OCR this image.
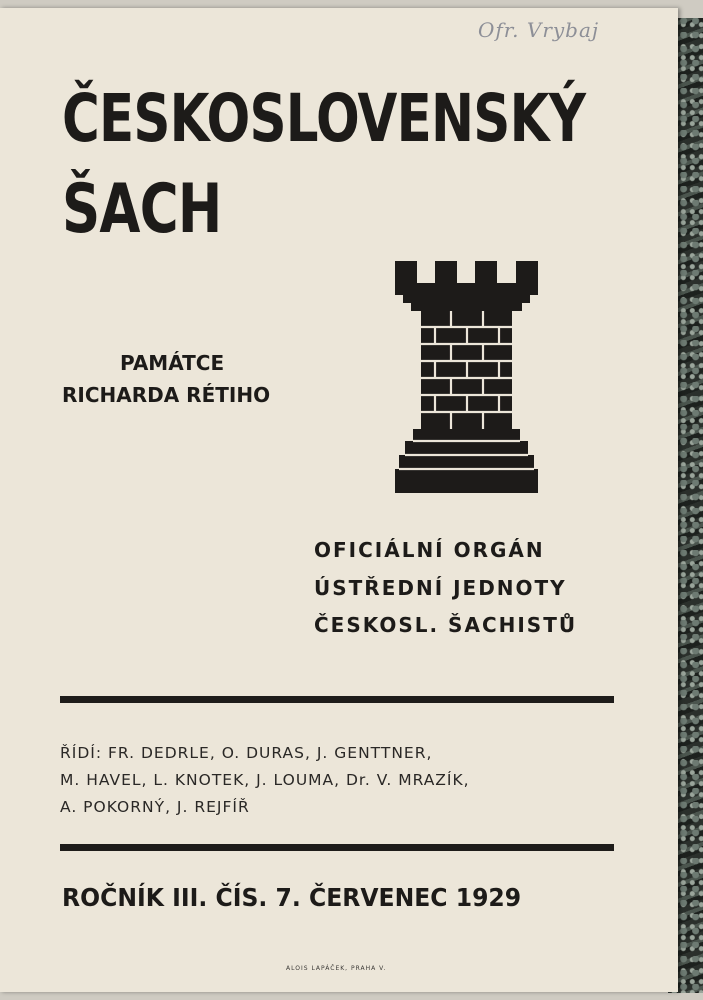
Ofr. Vrybaj
ČESKOSLOVENSKÝ
ŠACH
PAMÁTCE
RICHARDA RÉTIHO
OFICIÁLNÍ ORGÁN
ÚSTŘEDNÍ JEDNOTY
ČESKOSL. ŠACHISTŮ
ŘÍDÍ: FR. DEDRLE, O. DURAS, J. GENTTNER,
M. HAVEL, L. KNOTEK, J. LOUMA, Dr. V. MRAZÍK,
A. POKORNÝ, J. REJFÍŘ
ROČNÍK III. ČÍS. 7. ČERVENEC 1929
ALOIS LAPÁČEK, PRAHA V.
